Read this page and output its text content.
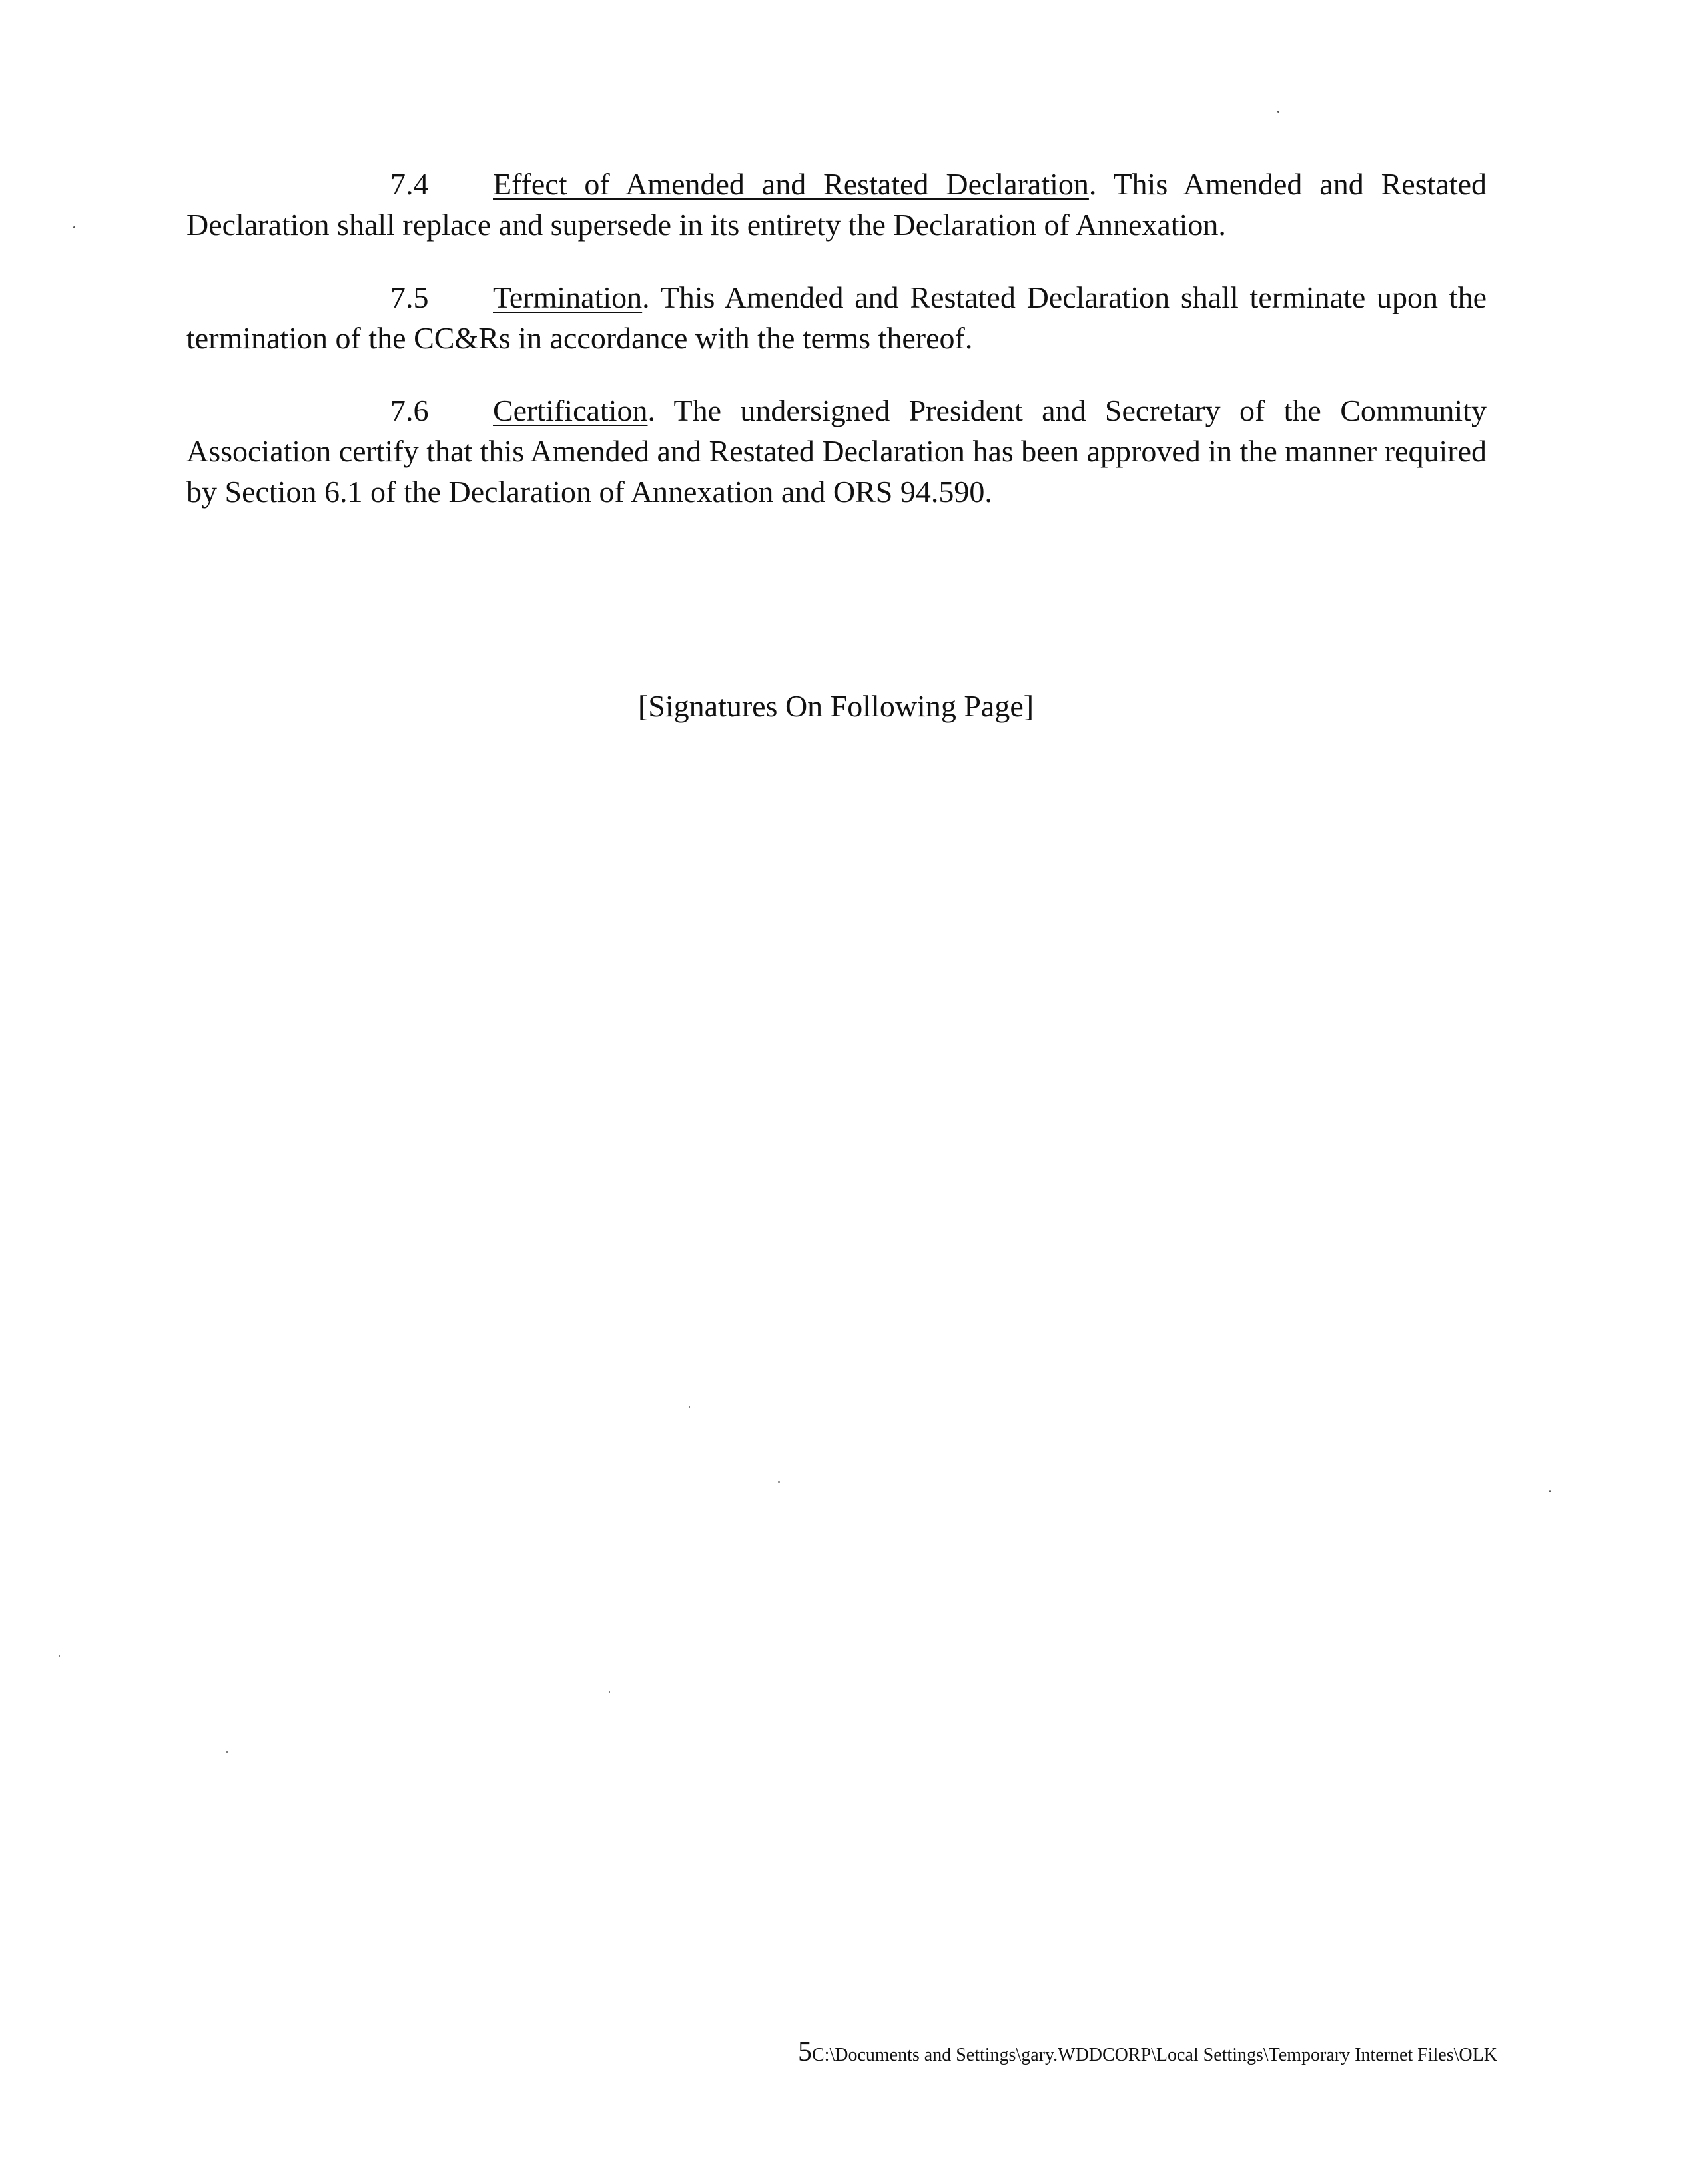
7.4 Effect of Amended and Restated Declaration. This Amended and Restated Declaration shall replace and supersede in its entirety the Declaration of Annexation.

7.5 Termination. This Amended and Restated Declaration shall terminate upon the termination of the CC&Rs in accordance with the terms thereof.

7.6 Certification. The undersigned President and Secretary of the Community Association certify that this Amended and Restated Declaration has been approved in the manner required by Section 6.1 of the Declaration of Annexation and ORS 94.590.

[Signatures On Following Page]
5C:\Documents and Settings\gary.WDDCORP\Local Settings\Temporary Internet Files\OLK
